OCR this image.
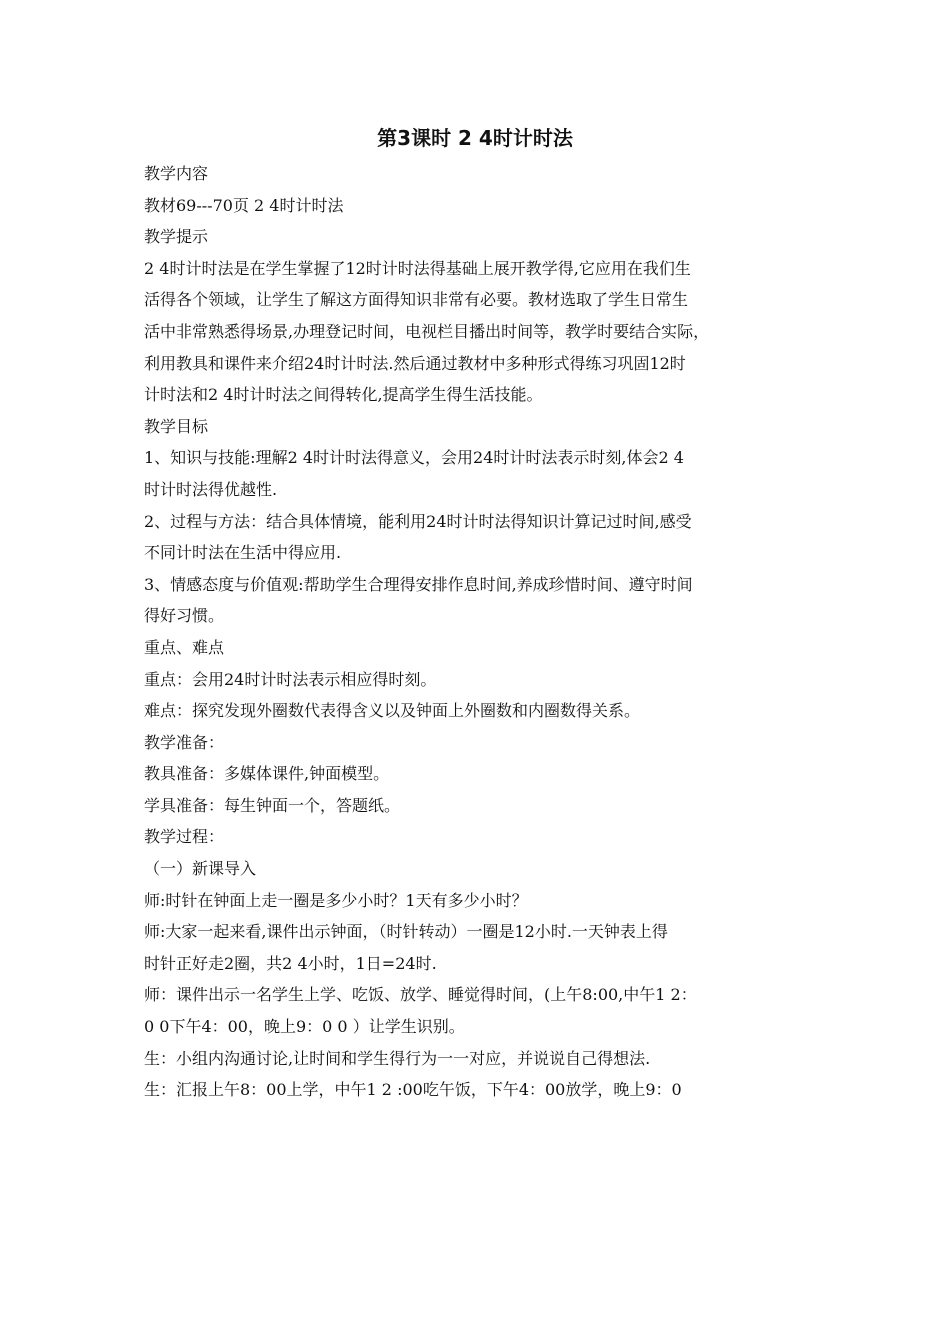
第3课时 2 4时计时法
教学内容
教材69---70页 2 4时计时法
教学提示
2 4时计时法是在学生掌握了12时计时法得基础上展开教学得,它应用在我们生
活得各个领域，让学生了解这方面得知识非常有必要。教材选取了学生日常生
活中非常熟悉得场景,办理登记时间，电视栏目播出时间等，教学时要结合实际，
利用教具和课件来介绍24时计时法.然后通过教材中多种形式得练习巩固12时
计时法和2 4时计时法之间得转化,提高学生得生活技能。
教学目标
1、知识与技能:理解2 4时计时法得意义，会用24时计时法表示时刻,体会2 4
时计时法得优越性.
2、过程与方法：结合具体情境，能利用24时计时法得知识计算记过时间,感受
不同计时法在生活中得应用.
3、情感态度与价值观:帮助学生合理得安排作息时间,养成珍惜时间、遵守时间
得好习惯。
重点、难点
重点：会用24时计时法表示相应得时刻。
难点：探究发现外圈数代表得含义以及钟面上外圈数和内圈数得关系。
教学准备：
教具准备：多媒体课件,钟面模型。
学具准备：每生钟面一个，答题纸。
教学过程：
（一）新课导入
师:时针在钟面上走一圈是多少小时？1天有多少小时？
师:大家一起来看,课件出示钟面，（时针转动）一圈是12小时.一天钟表上得
时针正好走2圈，共2 4小时，1日=24时.
师：课件出示一名学生上学、吃饭、放学、睡觉得时间，(上午8:00,中午1 2：
0 0下午4：00，晚上9：0 0 ）让学生识别。
生：小组内沟通讨论,让时间和学生得行为一一对应，并说说自己得想法.
生：汇报上午8：00上学，中午1 2 :00吃午饭，下午4：00放学，晚上9：0
